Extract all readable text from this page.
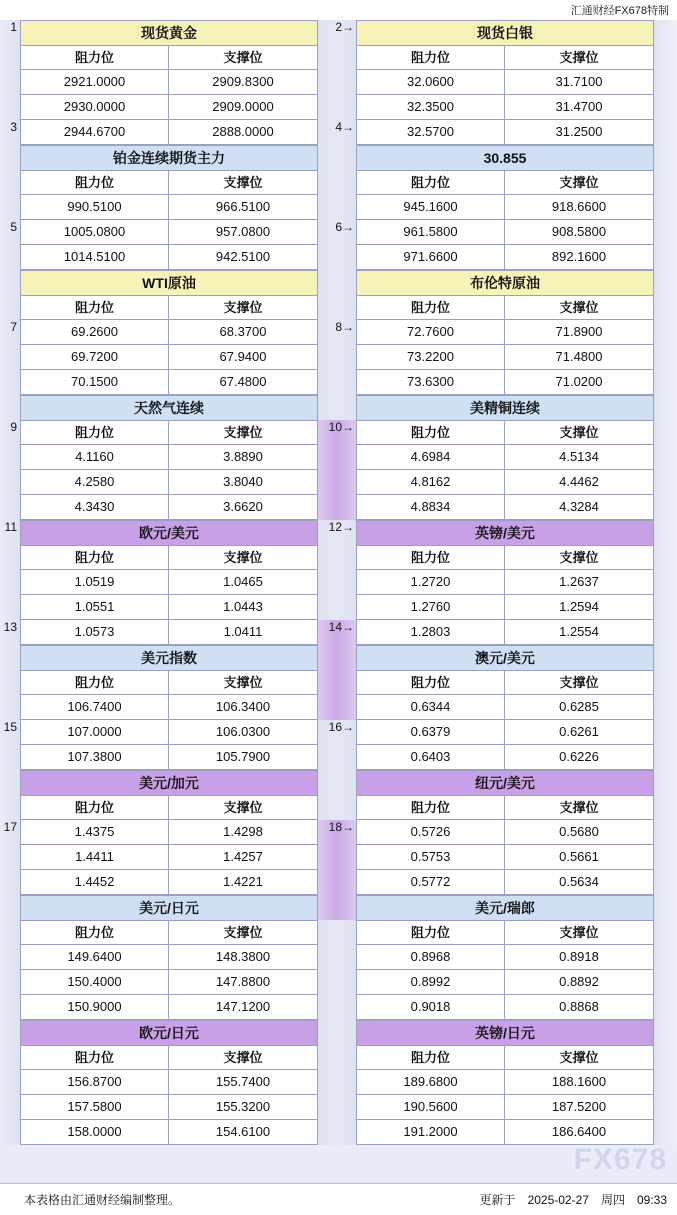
汇通财经FX678特制
1
3
5
7
9
11
13
15
17
现货黄金
阻力位	支撑位
2921.0000	2909.8300
2930.0000	2909.0000
2944.6700	2888.0000
铂金连续期货主力
阻力位	支撑位
990.5100	966.5100
1005.0800	957.0800
1014.5100	942.5100
WTI原油
阻力位	支撑位
69.2600	68.3700
69.7200	67.9400
70.1500	67.4800
天然气连续
阻力位	支撑位
4.1160	3.8890
4.2580	3.8040
4.3430	3.6620
欧元/美元
阻力位	支撑位
1.0519	1.0465
1.0551	1.0443
1.0573	1.0411
美元指数
阻力位	支撑位
106.7400	106.3400
107.0000	106.0300
107.3800	105.7900
美元/加元
阻力位	支撑位
1.4375	1.4298
1.4411	1.4257
1.4452	1.4221
美元/日元
阻力位	支撑位
149.6400	148.3800
150.4000	147.8800
150.9000	147.1200
欧元/日元
阻力位	支撑位
156.8700	155.7400
157.5800	155.3200
158.0000	154.6100
2→
4→
6→
8→
10→
12→
14→
16→
18→
现货白银
阻力位	支撑位
32.0600	31.7100
32.3500	31.4700
32.5700	31.2500
30.855
阻力位	支撑位
945.1600	918.6600
961.5800	908.5800
971.6600	892.1600
布伦特原油
阻力位	支撑位
72.7600	71.8900
73.2200	71.4800
73.6300	71.0200
美精铜连续
阻力位	支撑位
4.6984	4.5134
4.8162	4.4462
4.8834	4.3284
英镑/美元
阻力位	支撑位
1.2720	1.2637
1.2760	1.2594
1.2803	1.2554
澳元/美元
阻力位	支撑位
0.6344	0.6285
0.6379	0.6261
0.6403	0.6226
纽元/美元
阻力位	支撑位
0.5726	0.5680
0.5753	0.5661
0.5772	0.5634
美元/瑞郎
阻力位	支撑位
0.8968	0.8918
0.8992	0.8892
0.9018	0.8868
英镑/日元
阻力位	支撑位
189.6800	188.1600
190.5600	187.5200
191.2000	186.6400
FX678
本表格由汇通财经编制整理。	更新于 2025-02-27 周四 09:33
